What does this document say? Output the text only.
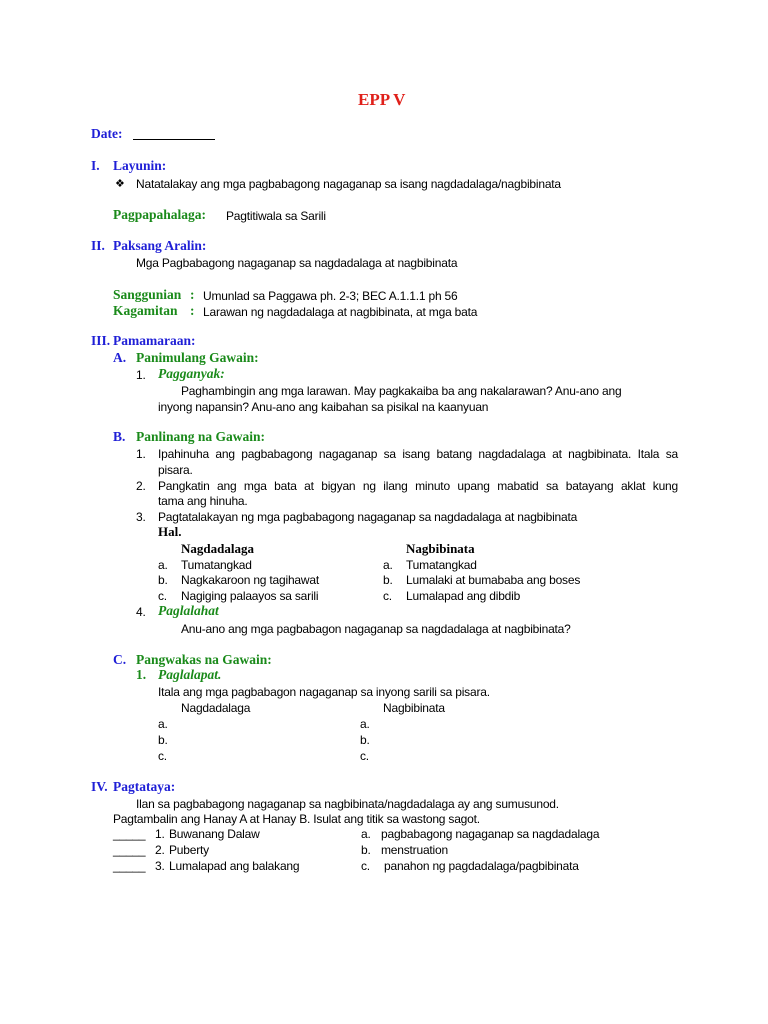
EPP V
Date:
I. Layunin:
❖ Natatalakay ang mga pagbabagong nagaganap sa isang nagdadalaga/nagbibinata
Pagpapahalaga: Pagtitiwala sa Sarili
II. Paksang Aralin:
Mga Pagbabagong nagaganap sa nagdadalaga at nagbibinata
Sanggunian : Umunlad sa Paggawa ph. 2-3; BEC A.1.1.1 ph 56
Kagamitan : Larawan ng nagdadalaga at nagbibinata, at mga bata
III. Pamamaraan:
A. Panimulang Gawain:
1. Pagganyak:
Paghambingin ang mga larawan. May pagkakaiba ba ang nakalarawan? Anu-ano ang
inyong napansin? Anu-ano ang kaibahan sa pisikal na kaanyuan
B. Panlinang na Gawain:
1. Ipahinuha ang pagbabagong nagaganap sa isang batang nagdadalaga at nagbibinata. Itala sa
pisara.
2. Pangkatin ang mga bata at bigyan ng ilang minuto upang mabatid sa batayang aklat kung
tama ang hinuha.
3. Pagtatalakayan ng mga pagbabagong nagaganap sa nagdadalaga at nagbibinata
Hal.
Nagdadalaga	Nagbibinata
a. Tumatangkad	a. Tumatangkad
b. Nagkakaroon ng tagihawat	b. Lumalaki at bumababa ang boses
c. Nagiging palaayos sa sarili	c. Lumalapad ang dibdib
4. Paglalahat
Anu-ano ang mga pagbabagon nagaganap sa nagdadalaga at nagbibinata?
C. Pangwakas na Gawain:
1. Paglalapat.
Itala ang mga pagbabagon nagaganap sa inyong sarili sa pisara.
Nagdadalaga	Nagbibinata
a.	a.
b.	b.
c.	c.
IV. Pagtataya:
Ilan sa pagbabagong nagaganap sa nagbibinata/nagdadalaga ay ang sumusunod.
Pagtambalin ang Hanay A at Hanay B. Isulat ang titik sa wastong sagot.
_____ 1. Buwanang Dalaw	a. pagbabagong nagaganap sa nagdadalaga
_____ 2. Puberty	b. menstruation
_____ 3. Lumalapad ang balakang	c. panahon ng pagdadalaga/pagbibinata
